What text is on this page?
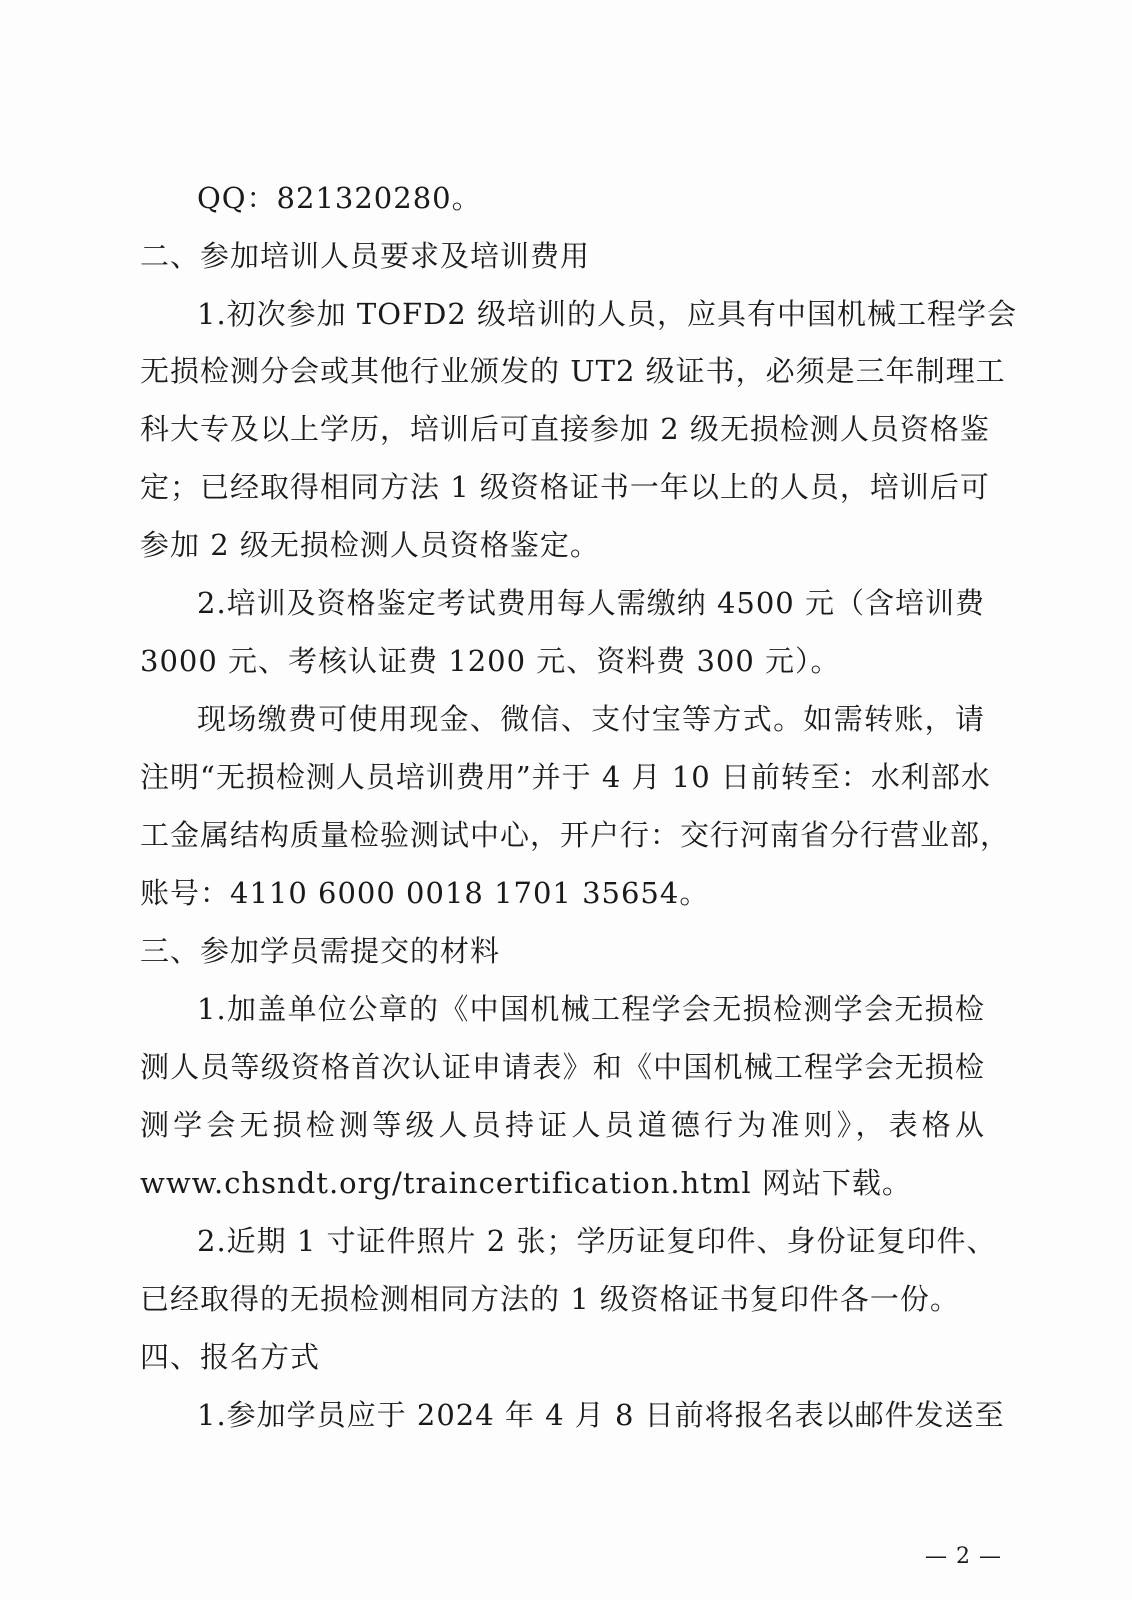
QQ：821320280。
二、参加培训人员要求及培训费用
1.初次参加 TOFD2 级培训的人员，应具有中国机械工程学会
无损检测分会或其他行业颁发的 UT2 级证书，必须是三年制理工
科大专及以上学历，培训后可直接参加 2 级无损检测人员资格鉴
定；已经取得相同方法 1 级资格证书一年以上的人员，培训后可
参加 2 级无损检测人员资格鉴定。
2.培训及资格鉴定考试费用每人需缴纳 4500 元（含培训费
3000 元、考核认证费 1200 元、资料费 300 元）。
现场缴费可使用现金、微信、支付宝等方式。如需转账，请
注明“无损检测人员培训费用”并于 4 月 10 日前转至：水利部水
工金属结构质量检验测试中心，开户行：交行河南省分行营业部，
账号：4110 6000 0018 1701 35654。
三、参加学员需提交的材料
1.加盖单位公章的《中国机械工程学会无损检测学会无损检
测人员等级资格首次认证申请表》和《中国机械工程学会无损检
测学会无损检测等级人员持证人员道德行为准则》，表格从
www.chsndt.org/traincertification.html 网站下载。
2.近期 1 寸证件照片 2 张；学历证复印件、身份证复印件、
已经取得的无损检测相同方法的 1 级资格证书复印件各一份。
四、报名方式
1.参加学员应于 2024 年 4 月 8 日前将报名表以邮件发送至
— 2 —
